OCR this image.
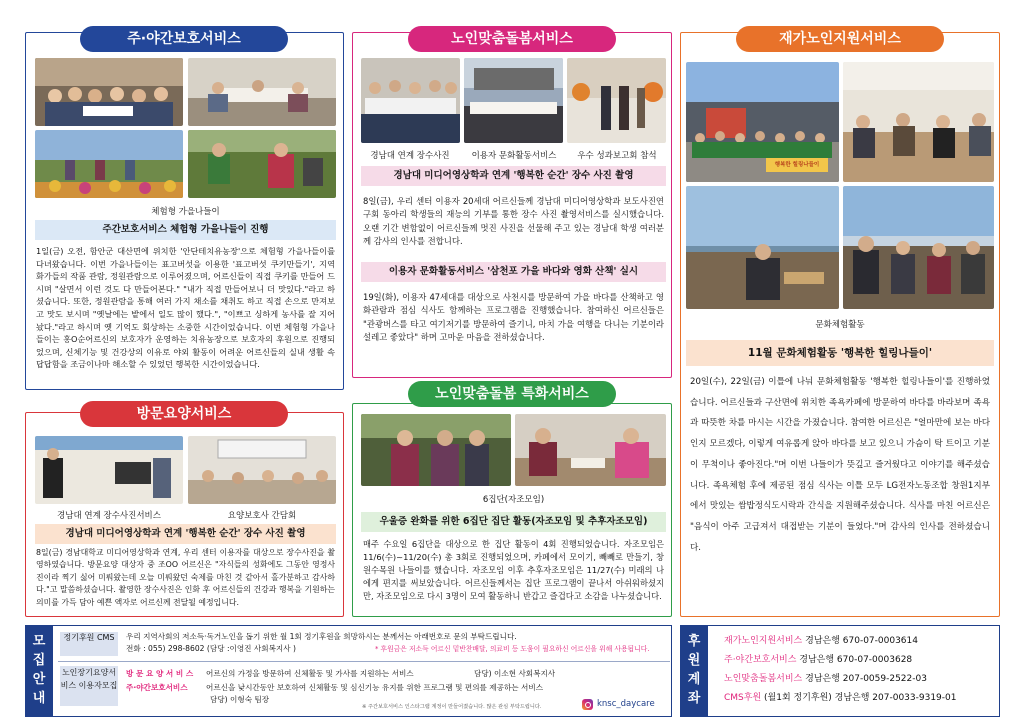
주·야간보호서비스
체험형 가을나들이
주간보호서비스 체험형 가을나들이 진행
1일(금) 오전, 함안군 대산면에 위치한 '안단테치유농장'으로 체험형 가을나들이를 다녀왔습니다. 이번 가을나들이는 표고버섯을 이용한 '표고버섯 쿠키만들기', 지역 화가들의 작품 관람, 정원관람으로 이루어졌으며, 어르신들이 직접 쿠키를 만들어 드시며 "살면서 이런 것도 다 만들어본다." "내가 직접 만들어보니 더 맛있다."라고 하셨습니다. 또한, 정원관람을 통해 여러 가지 채소를 채취도 하고 직접 손으로 만져보고 맛도 보시며 "옛날에는 밭에서 일도 많이 했다.", "이쁘고 싱하게 농사를 잘 지어놨다."라고 하시며 옛 기억도 회상하는 소중한 시간이었습니다. 이번 체험형 가을나들이는 홍O순어르신의 보호자가 운영하는 치유농장으로 보호자의 후원으로 진행되었으며, 신체기능 및 건강상의 이유로 야외 활동이 어려운 어르신들의 실내 생활 속 답답함을 조금이나마 해소할 수 있었던 행복한 시간이었습니다.
방문요양서비스
경남대 연계 장수사진서비스	요양보호사 간담회
경남대 미디어영상학과 연계 '행복한 순간' 장수 사진 촬영
8일(금) 경남대학교 미디어영상학과 연계, 우리 센터 이용자를 대상으로 장수사진을 촬영하였습니다. 방문요양 대상자 중 조OO 어르신은 "자식들의 성화에도 그동안 영정사진이라 찍기 싫어 미뤄왔는데 오늘 미뤄왔던 숙제를 마친 것 같아서 홀가분하고 감사하다."고 말씀하셨습니다. 촬영한 장수사진은 인화 후 어르신들의 건강과 행복을 기원하는 의미를 가득 담아 예쁜 액자로 어르신께 전달될 예정입니다.
노인맞춤돌봄서비스
경남대 연계 장수사진	이용자 문화활동서비스	우수 성과보고회 참석
경남대 미디어영상학과 연계 '행복한 순간' 장수 사진 촬영
8일(금), 우리 센터 이용자 20세대 어르신들께 경남대 미디어영상학과 보도사진연구회 동아리 학생들의 재능의 기부를 통한 장수 사진 촬영서비스를 실시했습니다. 오랜 기간 변함없이 어르신들께 멋진 사진을 선물해 주고 있는 경남대 학생 여러분께 감사의 인사를 전합니다.
이용자 문화활동서비스 '삼천포 가을 바다와 영화 산책' 실시
19일(화), 이용자 47세대를 대상으로 사천시를 방문하여 가을 바다를 산책하고 영화관람과 점심 식사도 함께하는 프로그램을 진행했습니다. 참여하신 어르신들은 "관광버스를 타고 여기저기를 방문하여 즐기니, 마치 가을 여행을 다니는 기분이라 설레고 좋았다" 하며 고마운 마음을 전하셨습니다.
노인맞춤돌봄 특화서비스
6집단(자조모임)
우울증 완화를 위한 6집단 집단 활동(자조모임 및 추후자조모임)
매주 수요일 6집단을 대상으로 한 집단 활동이 4회 진행되었습니다. 자조모임은 11/6(수)~11/20(수) 총 3회로 진행되었으며, 카페에서 모이기, 빼빼로 만들기, 창원수목원 나들이를 했습니다. 자조모임 이후 추후자조모임은 11/27(수) 미래의 나에게 편지를 써보았습니다. 어르신들께서는 집단 프로그램이 끝나서 아쉬워하셨지만, 자조모임으로 다시 3명이 모여 활동하니 반갑고 즐겁다고 소감을 나누셨습니다.
재가노인지원서비스
행복한 힐링나들이
문화체험활동
11월 문화체험활동 '행복한 힐링나들이'
20일(수), 22일(금) 이틀에 나눠 문화체험활동 '행복한 힐링나들이'를 진행하였습니다. 어르신들과 구산면에 위치한 족욕카페에 방문하여 바다를 바라보며 족욕과 따뜻한 차를 마시는 시간을 가졌습니다. 참여한 어르신은 "얼마만에 보는 바다인지 모르겠다, 이렇게 여유롭게 앉아 바다를 보고 있으니 가슴이 탁 트이고 기분이 무척이나 좋아진다."며 이번 나들이가 뜻깊고 즐거웠다고 이야기를 해주셨습니다. 족욕체험 후에 제공된 점심 식사는 이틀 모두 LG전자노동조합 창원1지부에서 맛있는 쌈밥정식도시락과 간식을 지원해주셨습니다. 식사를 마친 어르신은 "음식이 아주 고급져서 대접받는 기분이 들었다."며 감사의 인사를 전하셨습니다.
모집안내
정기후원 CMS	우리 지역사회의 저소득·독거노인을 돕기 위한 월 1회 정기후원을 희망하시는 분께서는 아래번호로 문의 부탁드립니다.
전화 : 055) 298-8602 (담당 :이영진 사회복지사 )	* 후원금은 저소득 어르신 밑반찬배달, 의료비 등 도움이 필요하신 어르신을 위해 사용됩니다.
노인장기요양서비스 이용자모집
방 문 요 양 서 비 스	어르신의 가정을 방문하여 신체활동 및 가사를 지원하는 서비스	담당) 이소현 사회복지사
주·야간보호서비스	어르신을 낮시간동안 보호하여 신체활동 및 심신기능 유지를 위한 프로그램 및 편의를 제공하는 서비스
담당) 이형숙 팀장
※ 주간보호서비스 인스타그램 계정이 만들어졌습니다. 많은 관심 부탁드립니다.	knsc_daycare
후원계좌
재가노인지원서비스 경남은행 670-07-0003614
주·야간보호서비스 경남은행 670-07-0003628
노인맞춤돌봄서비스 경남은행 207-0059-2522-03
CMS후원 (월1회 정기후원) 경남은행 207-0033-9319-01
